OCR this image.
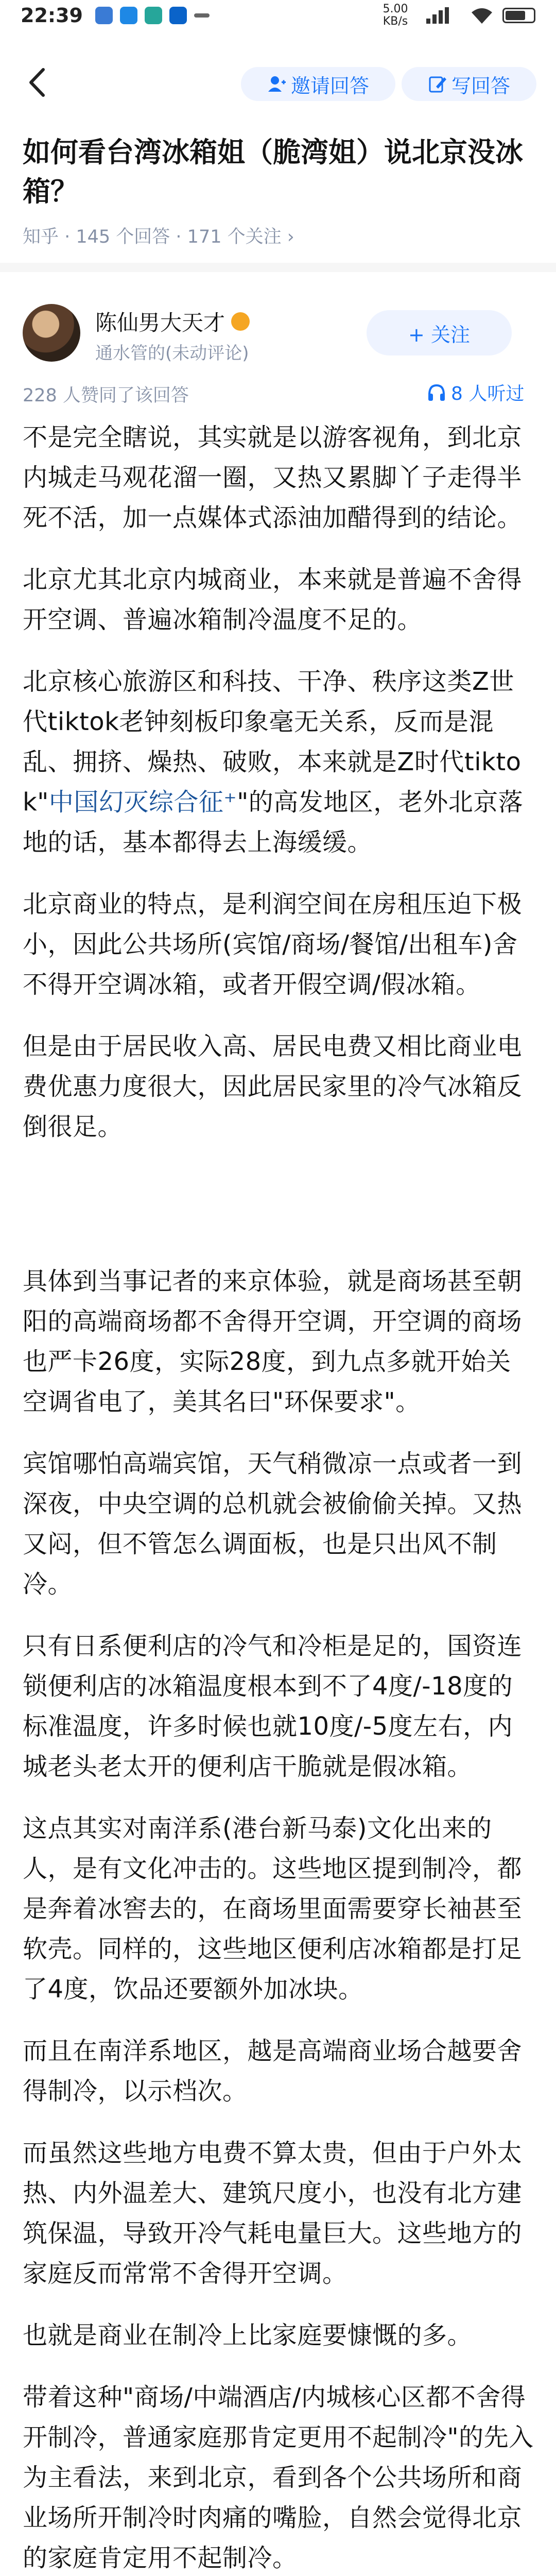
22:39	5.00 KB/s
邀请回答	写回答
如何看台湾冰箱姐（脆湾姐）说北京没冰箱？
知乎 · 145 个回答 · 171 个关注 ›
陈仙男大天才
通水管的(未动评论)
+ 关注
228 人赞同了该回答	8 人听过

不是完全瞎说，其实就是以游客视角，到北京内城走马观花溜一圈，又热又累脚丫子走得半死不活，加一点媒体式添油加醋得到的结论。

北京尤其北京内城商业，本来就是普遍不舍得开空调、普遍冰箱制冷温度不足的。

北京核心旅游区和科技、干净、秩序这类Z世代tiktok老钟刻板印象毫无关系，反而是混乱、拥挤、燥热、破败，本来就是Z时代tiktok"中国幻灭综合征⁺"的高发地区，老外北京落地的话，基本都得去上海缓缓。

北京商业的特点，是利润空间在房租压迫下极小，因此公共场所(宾馆/商场/餐馆/出租车)舍不得开空调冰箱，或者开假空调/假冰箱。

但是由于居民收入高、居民电费又相比商业电费优惠力度很大，因此居民家里的冷气冰箱反倒很足。

具体到当事记者的来京体验，就是商场甚至朝阳的高端商场都不舍得开空调，开空调的商场也严卡26度，实际28度，到九点多就开始关空调省电了，美其名曰"环保要求"。

宾馆哪怕高端宾馆，天气稍微凉一点或者一到深夜，中央空调的总机就会被偷偷关掉。又热又闷，但不管怎么调面板，也是只出风不制冷。

只有日系便利店的冷气和冷柜是足的，国资连锁便利店的冰箱温度根本到不了4度/-18度的标准温度，许多时候也就10度/-5度左右，内城老头老太开的便利店干脆就是假冰箱。

这点其实对南洋系(港台新马泰)文化出来的人，是有文化冲击的。这些地区提到制冷，都是奔着冰窖去的，在商场里面需要穿长袖甚至软壳。同样的，这些地区便利店冰箱都是打足了4度，饮品还要额外加冰块。

而且在南洋系地区，越是高端商业场合越要舍得制冷，以示档次。

而虽然这些地方电费不算太贵，但由于户外太热、内外温差大、建筑尺度小，也没有北方建筑保温，导致开冷气耗电量巨大。这些地方的家庭反而常常不舍得开空调。

也就是商业在制冷上比家庭要慷慨的多。

带着这种"商场/中端酒店/内城核心区都不舍得开制冷，普通家庭那肯定更用不起制冷"的先入为主看法，来到北京，看到各个公共场所和商业场所开制冷时肉痛的嘴脸，自然会觉得北京的家庭肯定用不起制冷。
